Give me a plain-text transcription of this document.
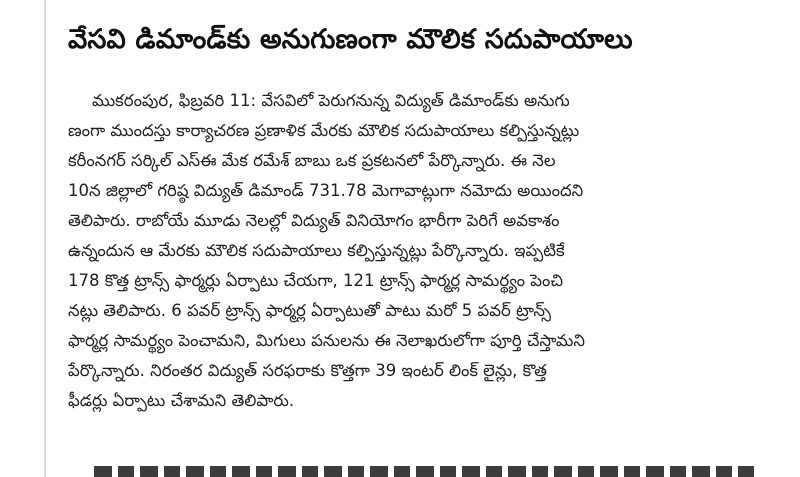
వేసవి డిమాండ్‌కు అనుగుణంగా మౌలిక సదుపాయాలు
ముకరంపుర, ఫిబ్రవరి 11: వేసవిలో పెరుగనున్న విద్యుత్ డిమాండ్‌కు అనుగు
ణంగా ముందస్తు కార్యాచరణ ప్రణాళిక మేరకు మౌలిక సదుపాయాలు కల్పిస్తున్నట్లు
కరీంనగర్ సర్కిల్ ఎస్ఈ మేక రమేశ్ బాబు ఒక ప్రకటనలో పేర్కొన్నారు. ఈ నెల
10న జిల్లాలో గరిష్ఠ విద్యుత్ డిమాండ్ 731.78 మెగావాట్లుగా నమోదు అయిందని
తెలిపారు. రాబోయే మూడు నెలల్లో విద్యుత్ వినియోగం భారీగా పెరిగే అవకాశం
ఉన్నందున ఆ మేరకు మౌలిక సదుపాయాలు కల్పిస్తున్నట్లు పేర్కొన్నారు. ఇప్పటికే
178 కొత్త ట్రాన్స్ ఫార్మర్లు ఏర్పాటు చేయగా, 121 ట్రాన్స్ ఫార్మర్ల సామర్థ్యం పెంచి
నట్లు తెలిపారు. 6 పవర్ ట్రాన్స్ ఫార్మర్ల ఏర్పాటుతో పాటు మరో 5 పవర్ ట్రాన్స్
ఫార్మర్ల సామర్థ్యం పెంచామని, మిగులు పనులను ఈ నెలాఖరులోగా పూర్తి చేస్తామని
పేర్కొన్నారు. నిరంతర విద్యుత్ సరఫరాకు కొత్తగా 39 ఇంటర్ లింక్ లైన్లు, కొత్త
ఫీడర్లు ఏర్పాటు చేశామని తెలిపారు.
